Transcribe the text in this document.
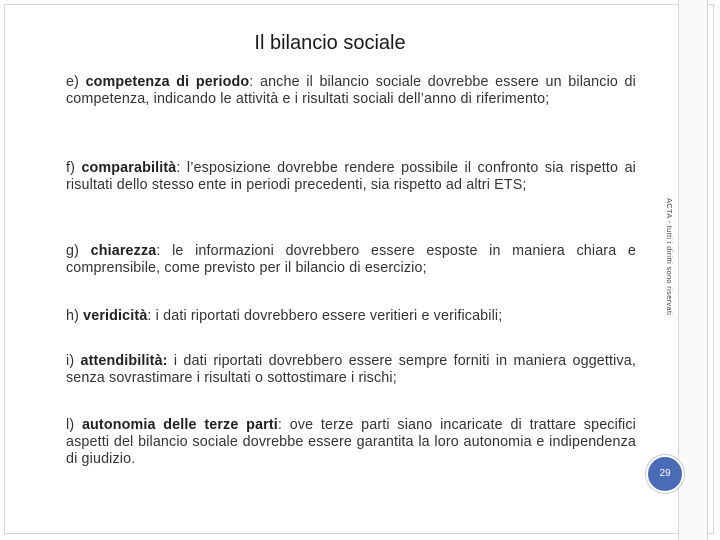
Il bilancio sociale
e) competenza di periodo: anche il bilancio sociale dovrebbe essere un bilancio di competenza, indicando le attività e i risultati sociali dell’anno di riferimento;
f) comparabilità: l’esposizione dovrebbe rendere possibile il confronto sia rispetto ai risultati dello stesso ente in periodi precedenti, sia rispetto ad altri ETS;
g) chiarezza: le informazioni dovrebbero essere esposte in maniera chiara e comprensibile, come previsto per il bilancio di esercizio;
h) veridicità: i dati riportati dovrebbero essere veritieri e verificabili;
i) attendibilità: i dati riportati dovrebbero essere sempre forniti in maniera oggettiva, senza sovrastimare i risultati o sottostimare i rischi;
l) autonomia delle terze parti: ove terze parti siano incaricate di trattare specifici aspetti del bilancio sociale dovrebbe essere garantita la loro autonomia e indipendenza di giudizio.
ACTA - tutti i diritti sono riservati
29
